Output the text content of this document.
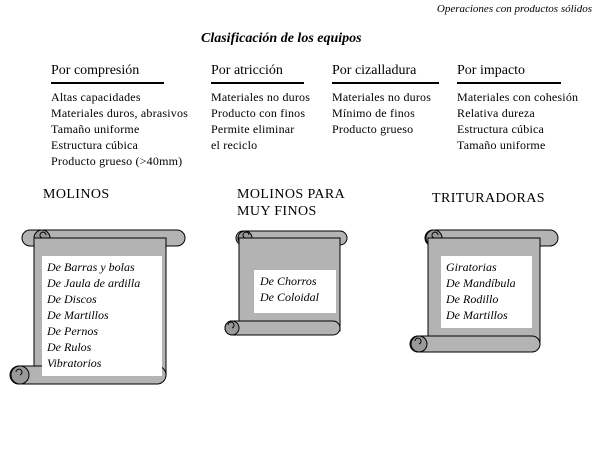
Operaciones con productos sólidos
Clasificación de los equipos
Por compresión
Altas capacidades
Materiales duros, abrasivos
Tamaño uniforme
Estructura cúbica
Producto grueso (>40mm)
Por atricción
Materiales no duros
Producto con finos
Permite eliminar
el reciclo
Por cizalladura
Materiales no duros
Mínimo de finos
Producto grueso
Por impacto
Materiales con cohesión
Relativa dureza
Estructura cúbica
Tamaño uniforme
MOLINOS	MOLINOS PARA
MUY FINOS
TRITURADORAS
De Barras y bolas
De Jaula de ardilla
De Discos
De Martillos
De Pernos
De Rulos
Vibratorios
De Chorros
De Coloidal
Giratorias
De Mandíbula
De Rodillo
De Martillos
